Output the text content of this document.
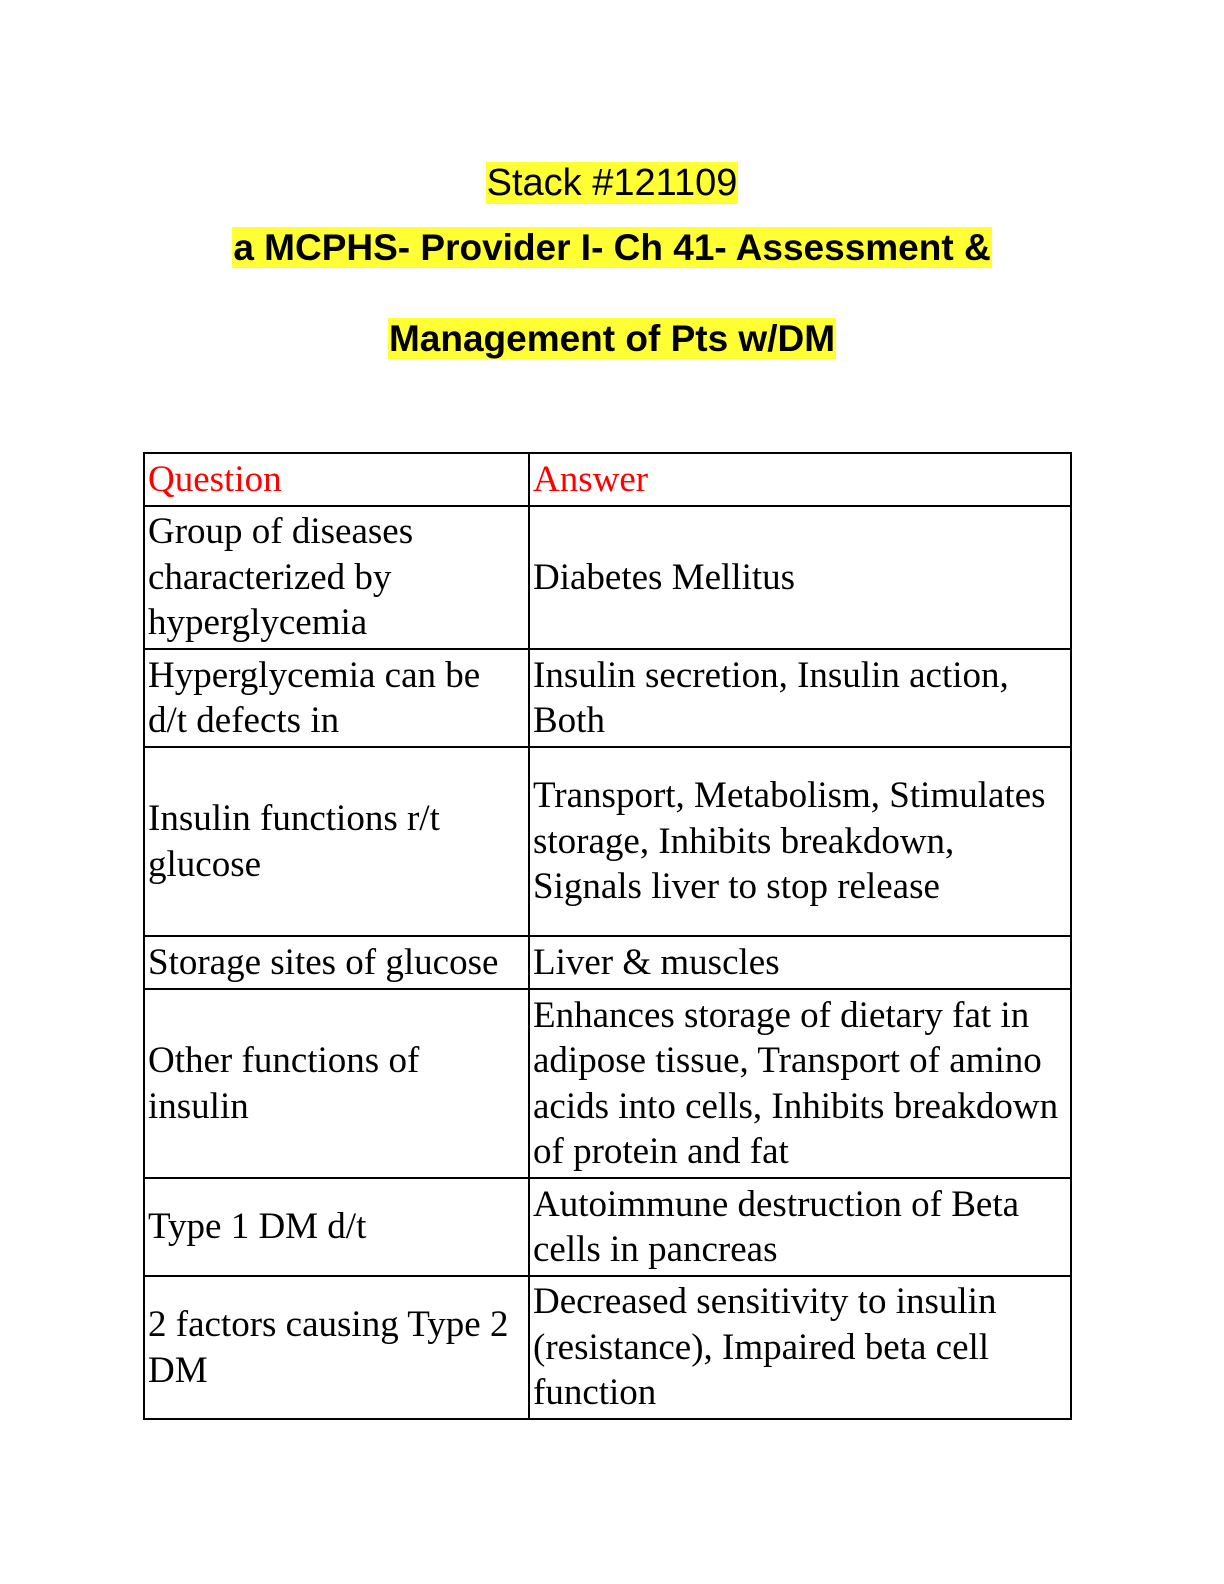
Stack #121109
a MCPHS- Provider I- Ch 41- Assessment &
Management of Pts w/DM
Question	Answer
Group of diseases characterized by hyperglycemia	Diabetes Mellitus
Hyperglycemia can be d/t defects in	Insulin secretion, Insulin action, Both
Insulin functions r/t glucose	Transport, Metabolism, Stimulates storage, Inhibits breakdown, Signals liver to stop release
Storage sites of glucose	Liver & muscles
Other functions of insulin	Enhances storage of dietary fat in adipose tissue, Transport of amino acids into cells, Inhibits breakdown of protein and fat
Type 1 DM d/t	Autoimmune destruction of Beta cells in pancreas
2 factors causing Type 2 DM	Decreased sensitivity to insulin (resistance), Impaired beta cell function
